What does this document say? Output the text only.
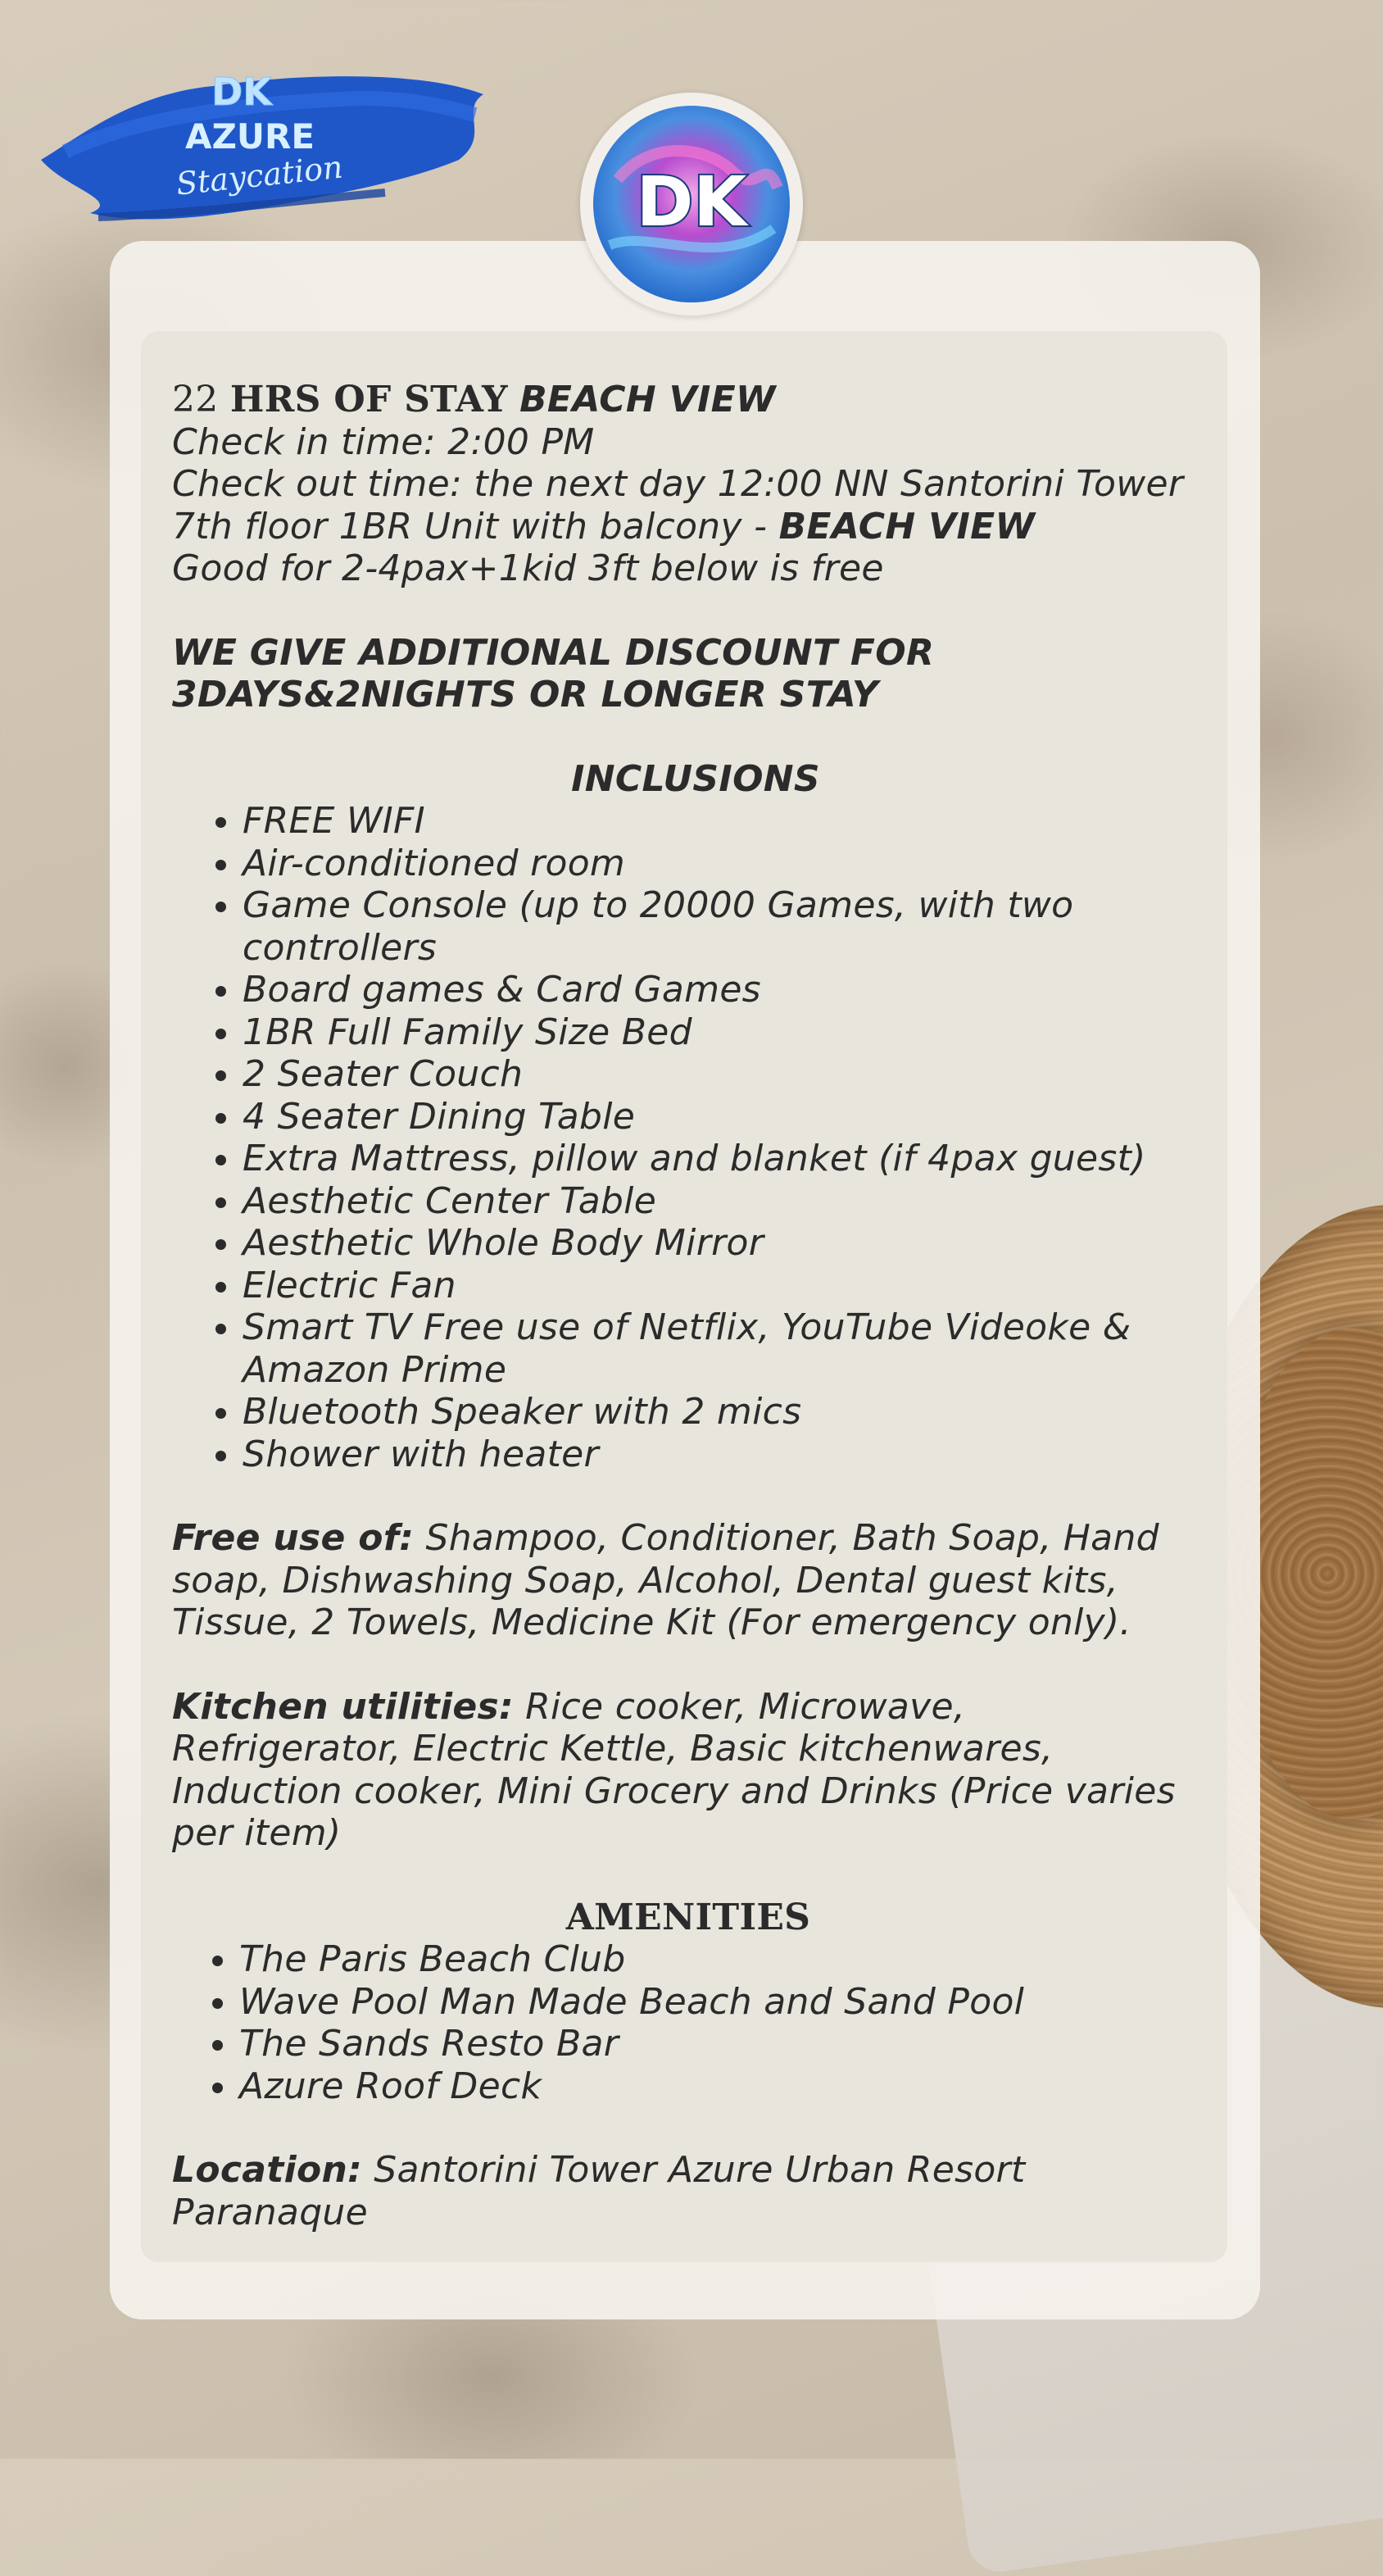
DK
AZURE
Staycation	DK

22 HRS OF STAY BEACH VIEW

Check in time: 2:00 PM

Check out time: the next day 12:00 NN Santorini Tower 7th floor 1BR Unit with balcony - BEACH VIEW

Good for 2-4pax+1kid 3ft below is free

WE GIVE ADDITIONAL DISCOUNT FOR

3DAYS&2NIGHTS OR LONGER STAY

INCLUSIONS

• FREE WIFI
• Air-conditioned room
• Game Console (up to 20000 Games, with two controllers
• Board games & Card Games
• 1BR Full Family Size Bed
• 2 Seater Couch
• 4 Seater Dining Table
• Extra Mattress, pillow and blanket (if 4pax guest)
• Aesthetic Center Table
• Aesthetic Whole Body Mirror
• Electric Fan
• Smart TV Free use of Netflix, YouTube Videoke & Amazon Prime
• Bluetooth Speaker with 2 mics
• Shower with heater

Free use of: Shampoo, Conditioner, Bath Soap, Hand soap, Dishwashing Soap, Alcohol, Dental guest kits, Tissue, 2 Towels, Medicine Kit (For emergency only).

Kitchen utilities: Rice cooker, Microwave, Refrigerator, Electric Kettle, Basic kitchenwares, Induction cooker, Mini Grocery and Drinks (Price varies per item)

AMENITIES

• The Paris Beach Club
• Wave Pool Man Made Beach and Sand Pool
• The Sands Resto Bar
• Azure Roof Deck

Location: Santorini Tower Azure Urban Resort Paranaque
